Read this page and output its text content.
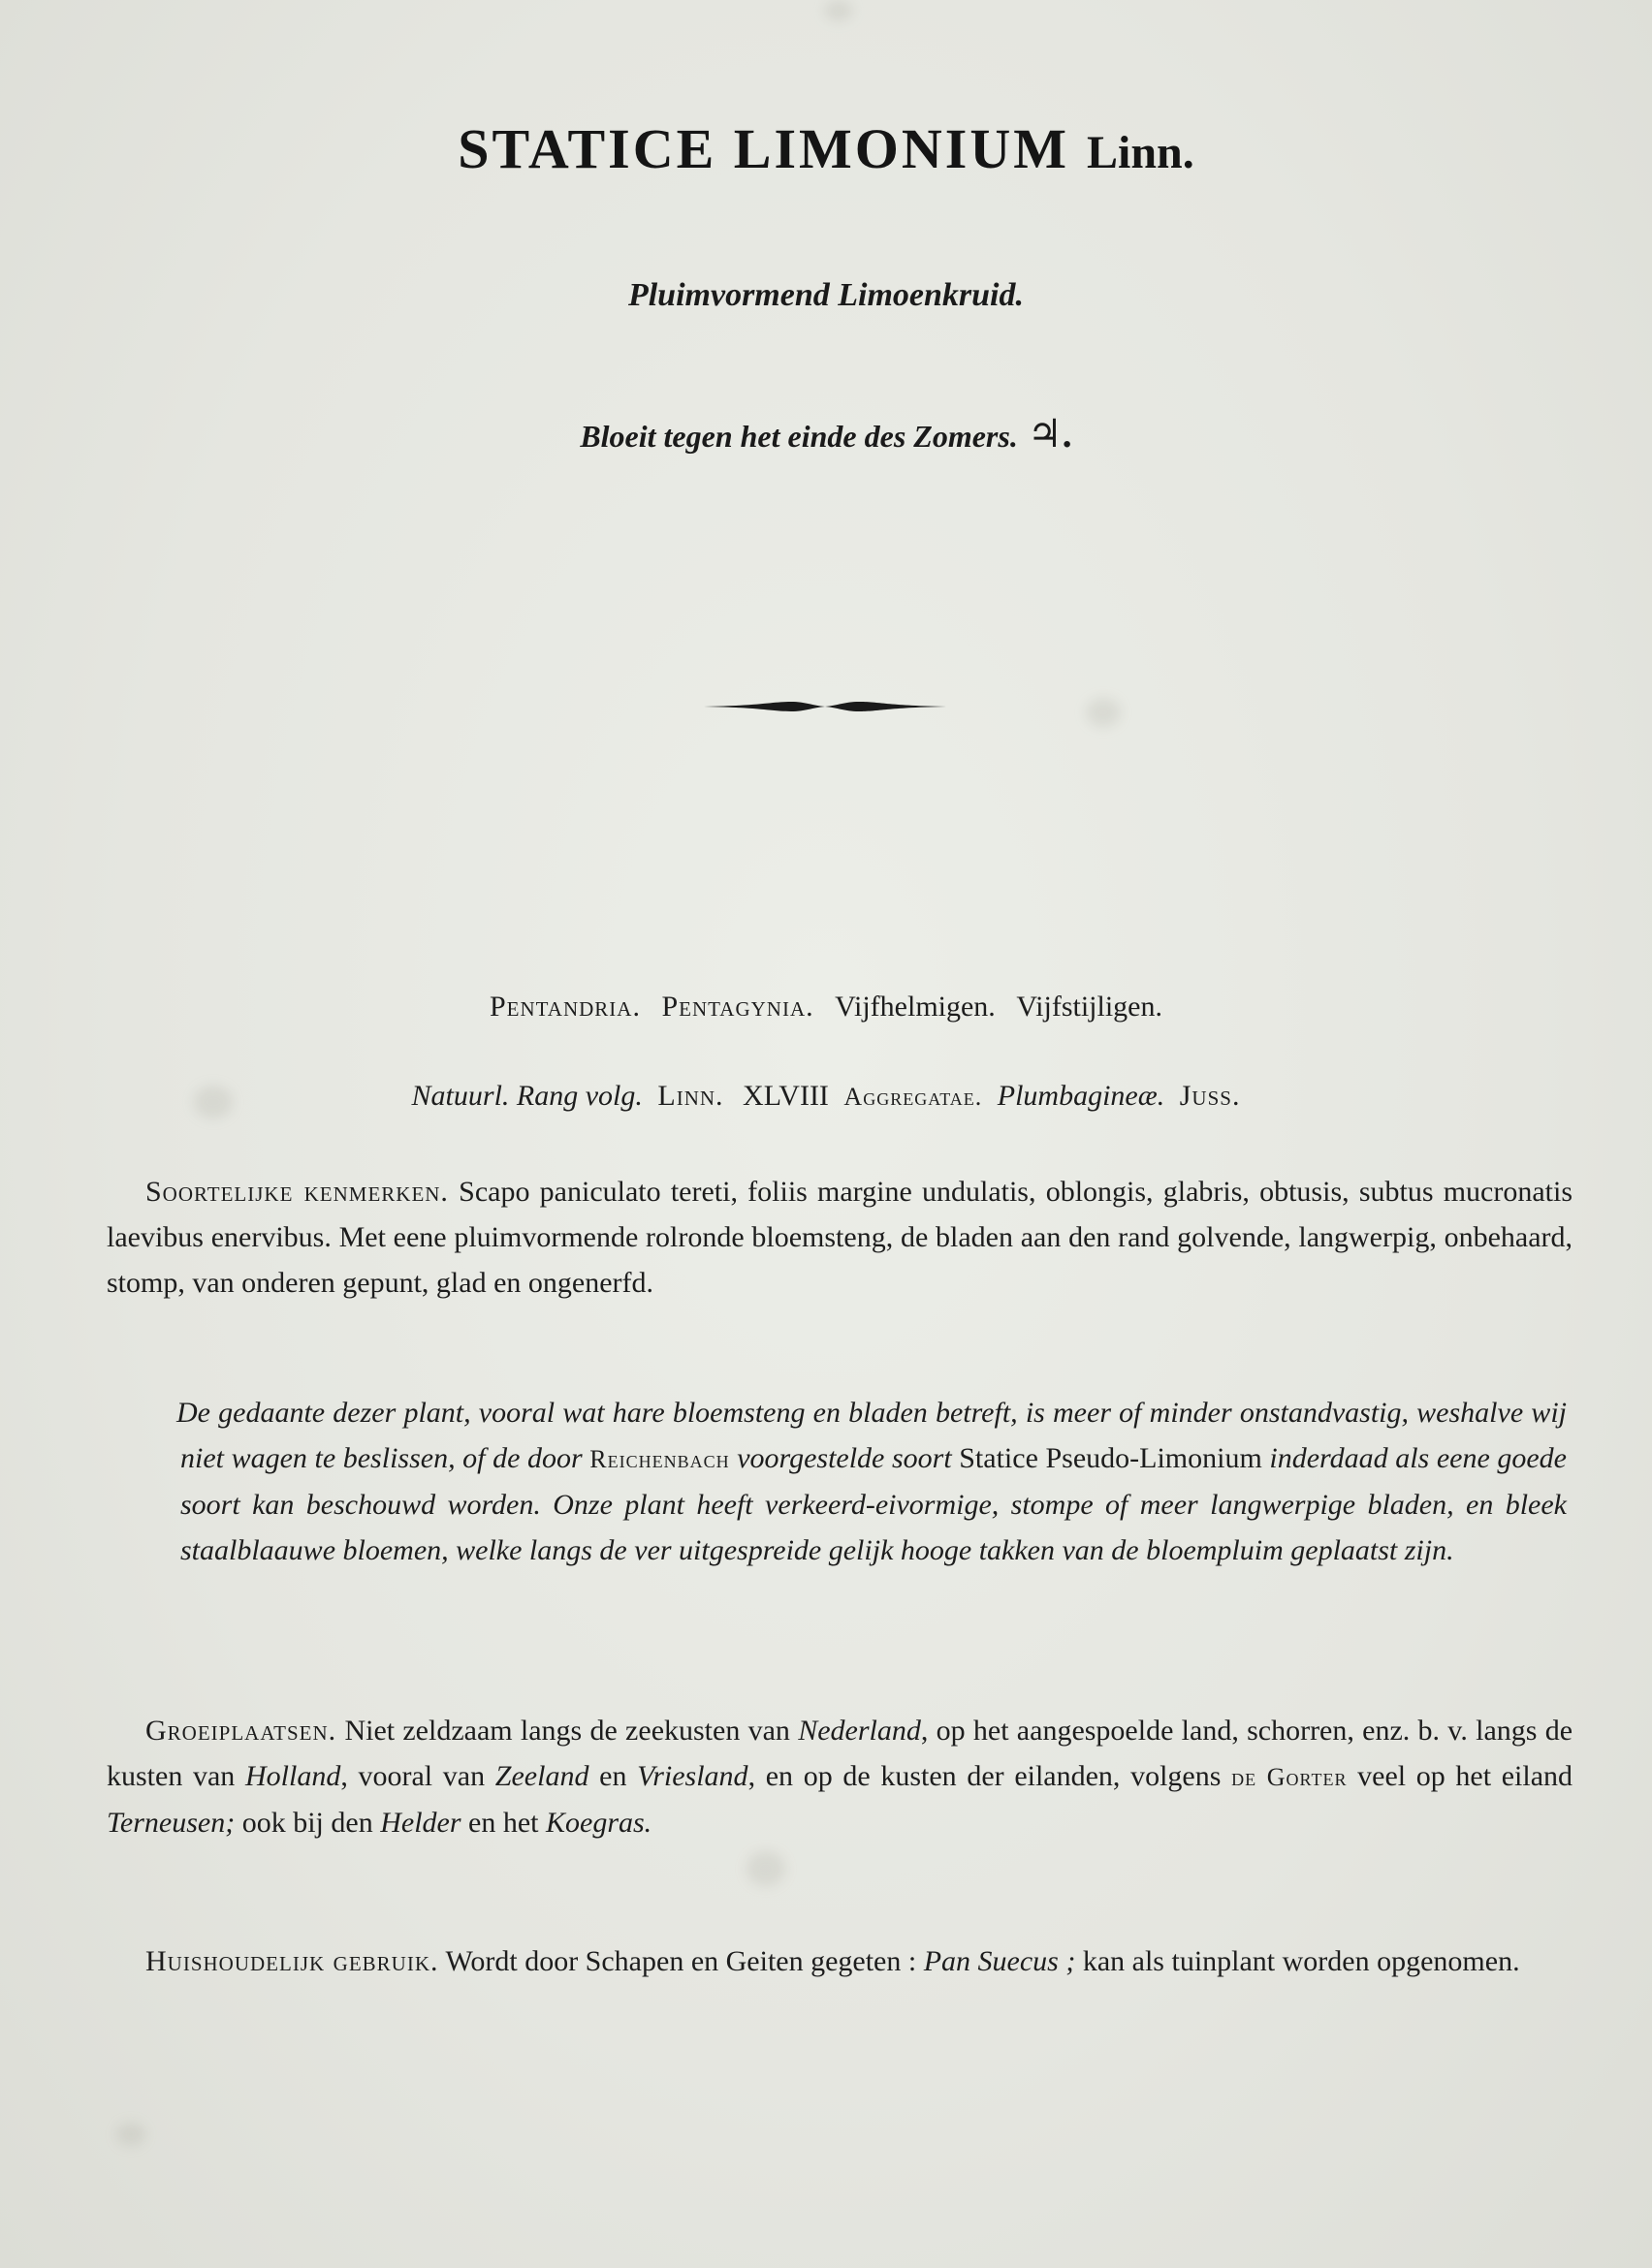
STATICE LIMONIUM Linn.
Pluimvormend Limoenkruid.
Bloeit tegen het einde des Zomers. ♃.
Pentandria. Pentagynia. Vijfhelmigen. Vijfstijligen.
Natuurl. Rang volg. Linn. XLVIII Aggregatae. Plumbagineæ. Juss.
Soortelijke kenmerken. Scapo paniculato tereti, foliis margine undulatis, oblongis, glabris, obtusis, subtus mucronatis laevibus enervibus. Met eene pluimvormende rolronde bloemsteng, de bladen aan den rand golvende, langwerpig, onbehaard, stomp, van onderen gepunt, glad en ongenerfd.
De gedaante dezer plant, vooral wat hare bloemsteng en bladen betreft, is meer of minder onstandvastig, weshalve wij niet wagen te beslissen, of de door Reichenbach voorgestelde soort Statice Pseudo-Limonium inderdaad als eene goede soort kan beschouwd worden. Onze plant heeft verkeerd-eivormige, stompe of meer langwerpige bladen, en bleek staalblaauwe bloemen, welke langs de ver uitgespreide gelijk hooge takken van de bloempluim geplaatst zijn.
Groeiplaatsen. Niet zeldzaam langs de zeekusten van Nederland, op het aangespoelde land, schorren, enz. b. v. langs de kusten van Holland, vooral van Zeeland en Vriesland, en op de kusten der eilanden, volgens de Gorter veel op het eiland Terneusen; ook bij den Helder en het Koegras.
Huishoudelijk gebruik. Wordt door Schapen en Geiten gegeten : Pan Suecus ; kan als tuinplant worden opgenomen.
